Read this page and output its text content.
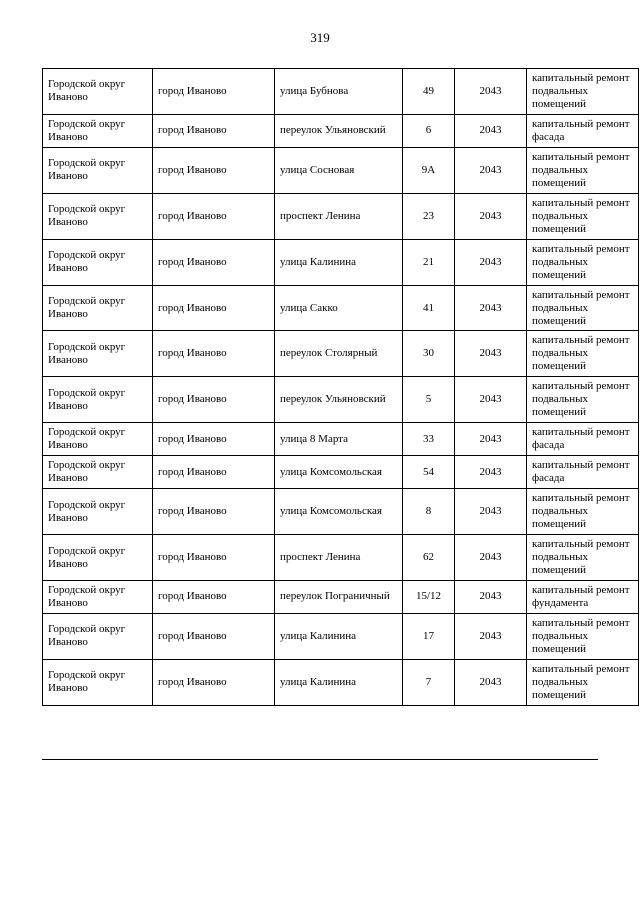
319
Городской округ Иваново	город Иваново	улица Бубнова	49	2043	капитальный ремонт подвальных помещений
Городской округ Иваново	город Иваново	переулок Ульяновский	6	2043	капитальный ремонт фасада
Городской округ Иваново	город Иваново	улица Сосновая	9А	2043	капитальный ремонт подвальных помещений
Городской округ Иваново	город Иваново	проспект Ленина	23	2043	капитальный ремонт подвальных помещений
Городской округ Иваново	город Иваново	улица Калинина	21	2043	капитальный ремонт подвальных помещений
Городской округ Иваново	город Иваново	улица Сакко	41	2043	капитальный ремонт подвальных помещений
Городской округ Иваново	город Иваново	переулок Столярный	30	2043	капитальный ремонт подвальных помещений
Городской округ Иваново	город Иваново	переулок Ульяновский	5	2043	капитальный ремонт подвальных помещений
Городской округ Иваново	город Иваново	улица 8 Марта	33	2043	капитальный ремонт фасада
Городской округ Иваново	город Иваново	улица Комсомольская	54	2043	капитальный ремонт фасада
Городской округ Иваново	город Иваново	улица Комсомольская	8	2043	капитальный ремонт подвальных помещений
Городской округ Иваново	город Иваново	проспект Ленина	62	2043	капитальный ремонт подвальных помещений
Городской округ Иваново	город Иваново	переулок Пограничный	15/12	2043	капитальный ремонт фундамента
Городской округ Иваново	город Иваново	улица Калинина	17	2043	капитальный ремонт подвальных помещений
Городской округ Иваново	город Иваново	улица Калинина	7	2043	капитальный ремонт подвальных помещений
